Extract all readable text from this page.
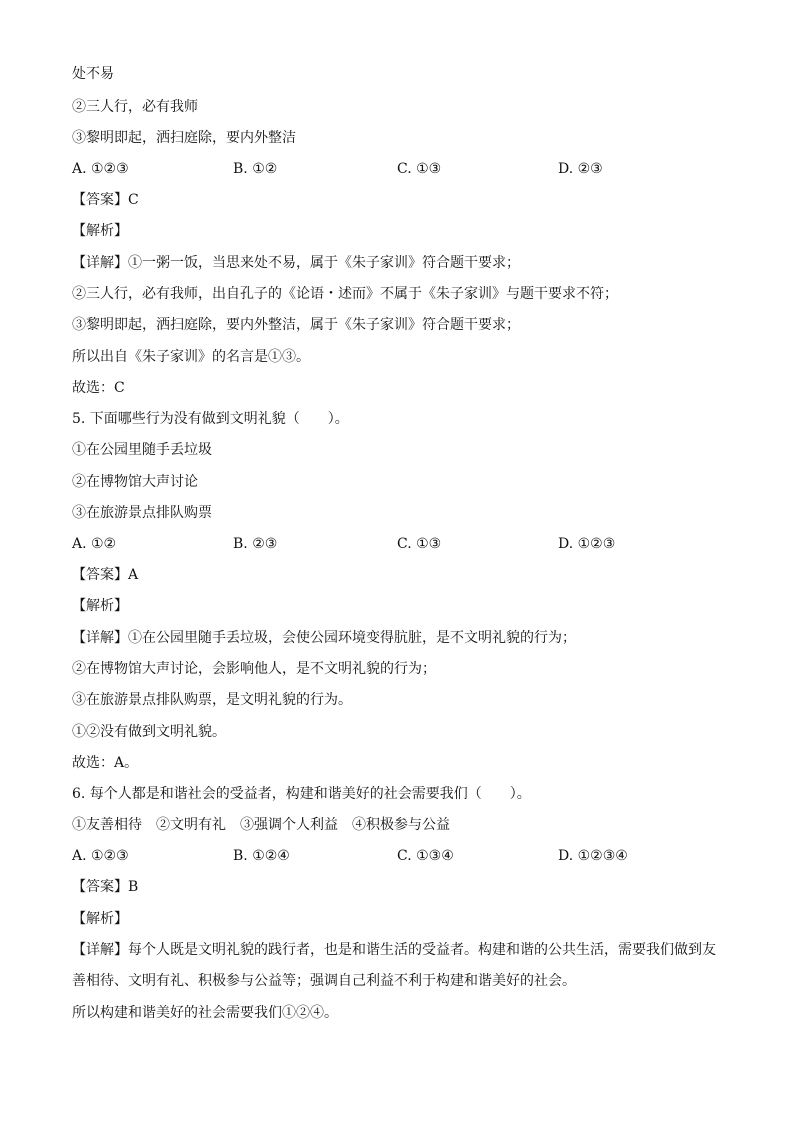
处不易
②三人行，必有我师
③黎明即起，洒扫庭除，要内外整洁
A. ①②③	B. ①②	C. ①③	D. ②③
【答案】C
【解析】
【详解】①一粥一饭，当思来处不易，属于《朱子家训》符合题干要求；
②三人行，必有我师，出自孔子的《论语・述而》不属于《朱子家训》与题干要求不符；
③黎明即起，洒扫庭除，要内外整洁，属于《朱子家训》符合题干要求；
所以出自《朱子家训》的名言是①③。
故选：C
5. 下面哪些行为没有做到文明礼貌（　　）。
①在公园里随手丢垃圾
②在博物馆大声讨论
③在旅游景点排队购票
A. ①②	B. ②③	C. ①③	D. ①②③
【答案】A
【解析】
【详解】①在公园里随手丢垃圾，会使公园环境变得肮脏，是不文明礼貌的行为；
②在博物馆大声讨论，会影响他人，是不文明礼貌的行为；
③在旅游景点排队购票，是文明礼貌的行为。
①②没有做到文明礼貌。
故选：A。
6. 每个人都是和谐社会的受益者，构建和谐美好的社会需要我们（　　）。
①友善相待　②文明有礼　③强调个人利益　④积极参与公益
A. ①②③	B. ①②④	C. ①③④	D. ①②③④
【答案】B
【解析】
【详解】每个人既是文明礼貌的践行者，也是和谐生活的受益者。构建和谐的公共生活，需要我们做到友
善相待、文明有礼、积极参与公益等；强调自己利益不利于构建和谐美好的社会。
所以构建和谐美好的社会需要我们①②④。
